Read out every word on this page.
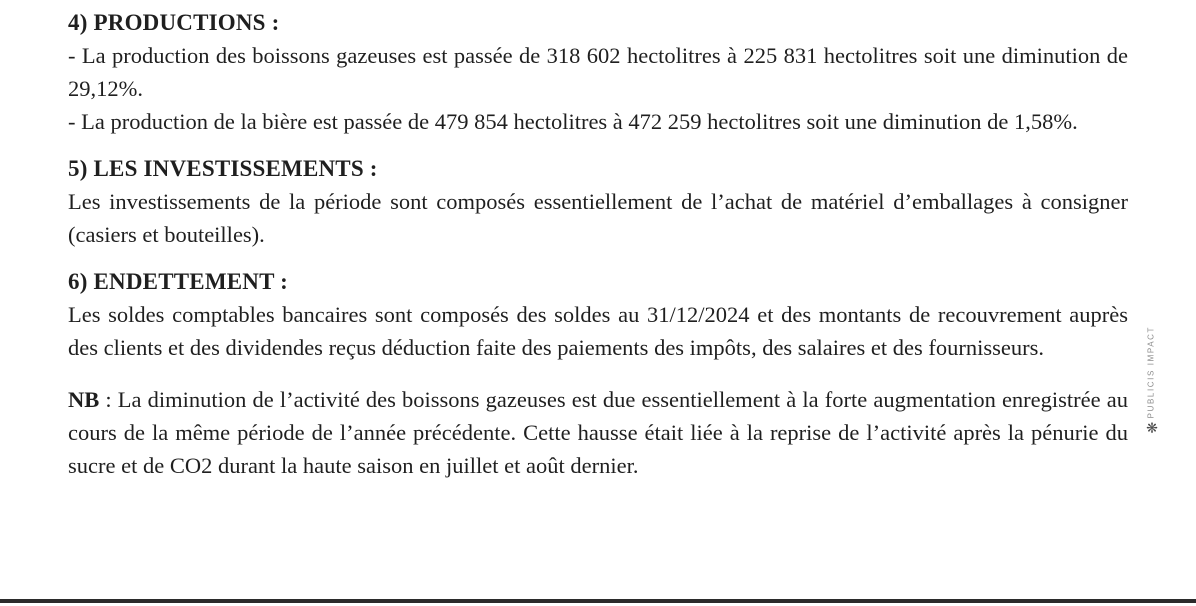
4) PRODUCTIONS :

- La production des boissons gazeuses est passée de 318 602 hectolitres à 225 831 hectolitres soit une diminution de 29,12%.

- La production de la bière est passée de 479 854 hectolitres à 472 259 hectolitres soit une diminution de 1,58%.

5) LES INVESTISSEMENTS :

Les investissements de la période sont composés essentiellement de l’achat de matériel d’emballages à consigner (casiers et bouteilles).

6) ENDETTEMENT :

Les soldes comptables bancaires sont composés des soldes au 31/12/2024 et des montants de recouvrement auprès des clients et des dividendes reçus déduction faite des paiements des impôts, des salaires et des fournisseurs.

NB : La diminution de l’activité des boissons gazeuses est due essentiellement à la forte augmentation enregistrée au cours de la même période de l’année précédente. Cette hausse était liée à la reprise de l’activité après la pénurie du sucre et de CO2 durant la haute saison en juillet et août dernier.

❋
PUBLICIS IMPACT
